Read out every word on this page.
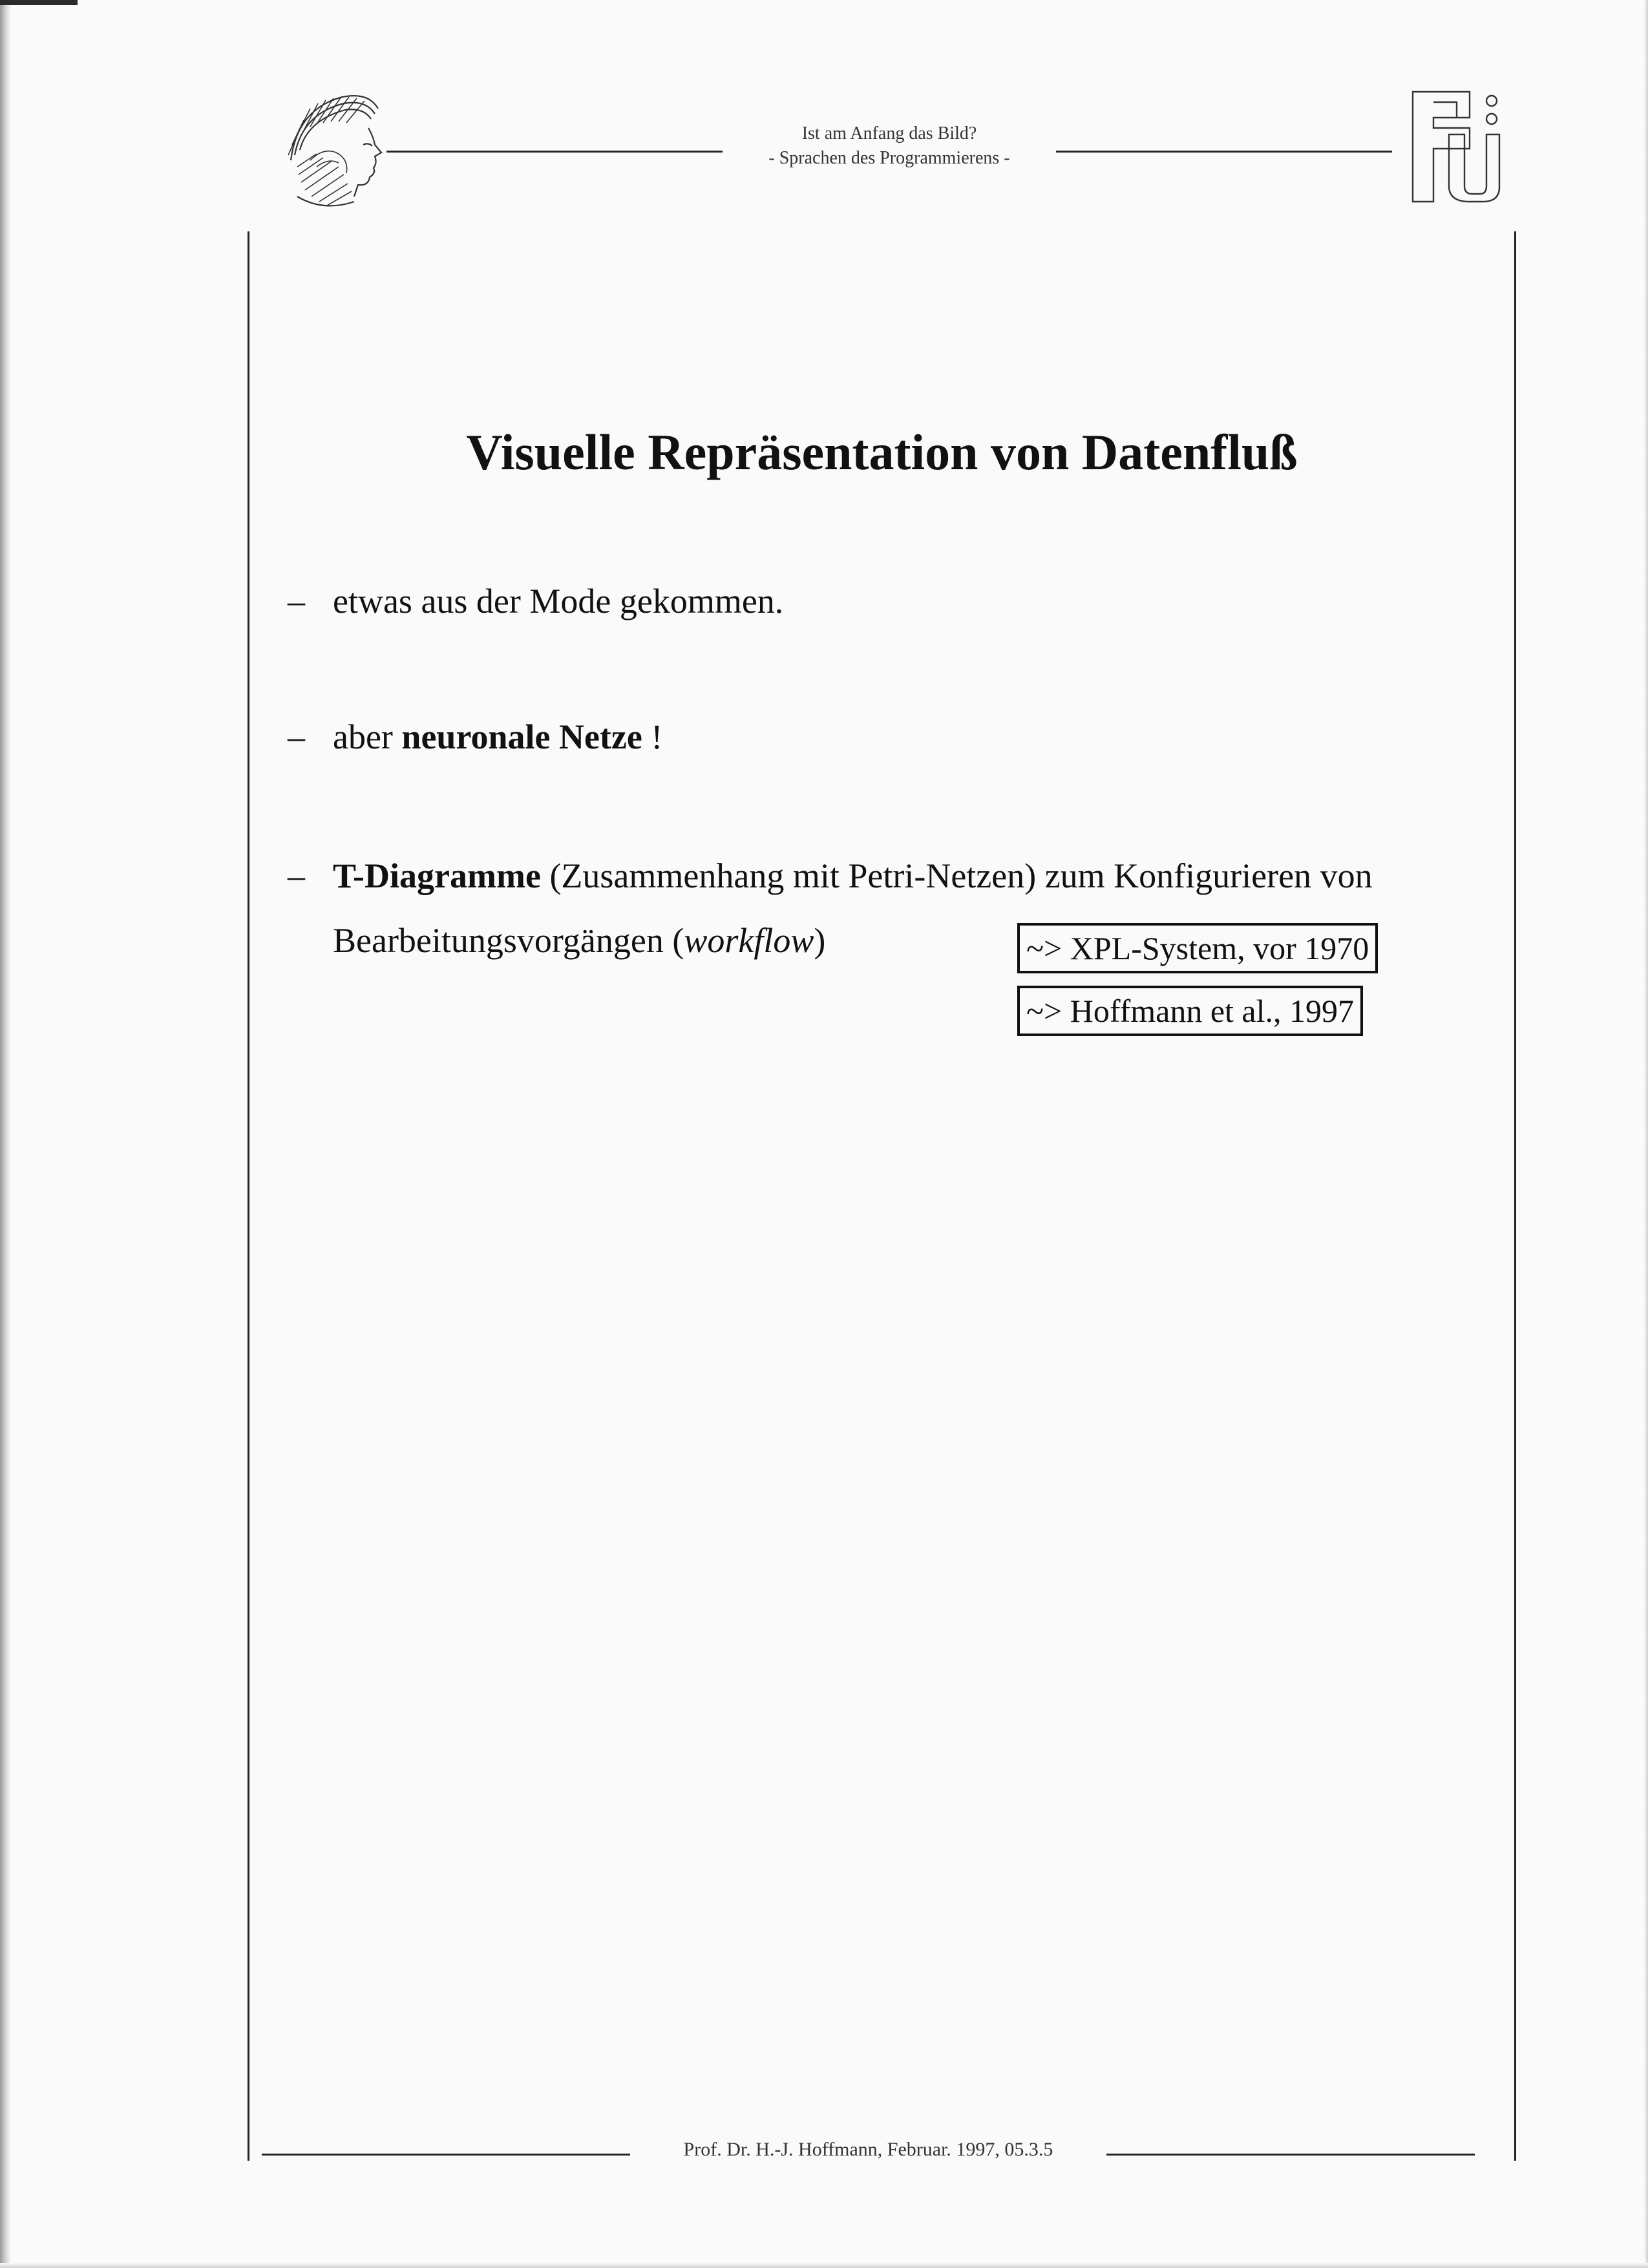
Ist am Anfang das Bild?
- Sprachen des Programmierens -
Visuelle Repräsentation von Datenfluß
– etwas aus der Mode gekommen.
– aber neuronale Netze !
– T-Diagramme (Zusammenhang mit Petri-Netzen) zum Konfigurieren von
Bearbeitungsvorgängen (workflow)	~> XPL-System, vor 1970
~> Hoffmann et al., 1997
Prof. Dr. H.-J. Hoffmann, Februar. 1997, 05.3.5
